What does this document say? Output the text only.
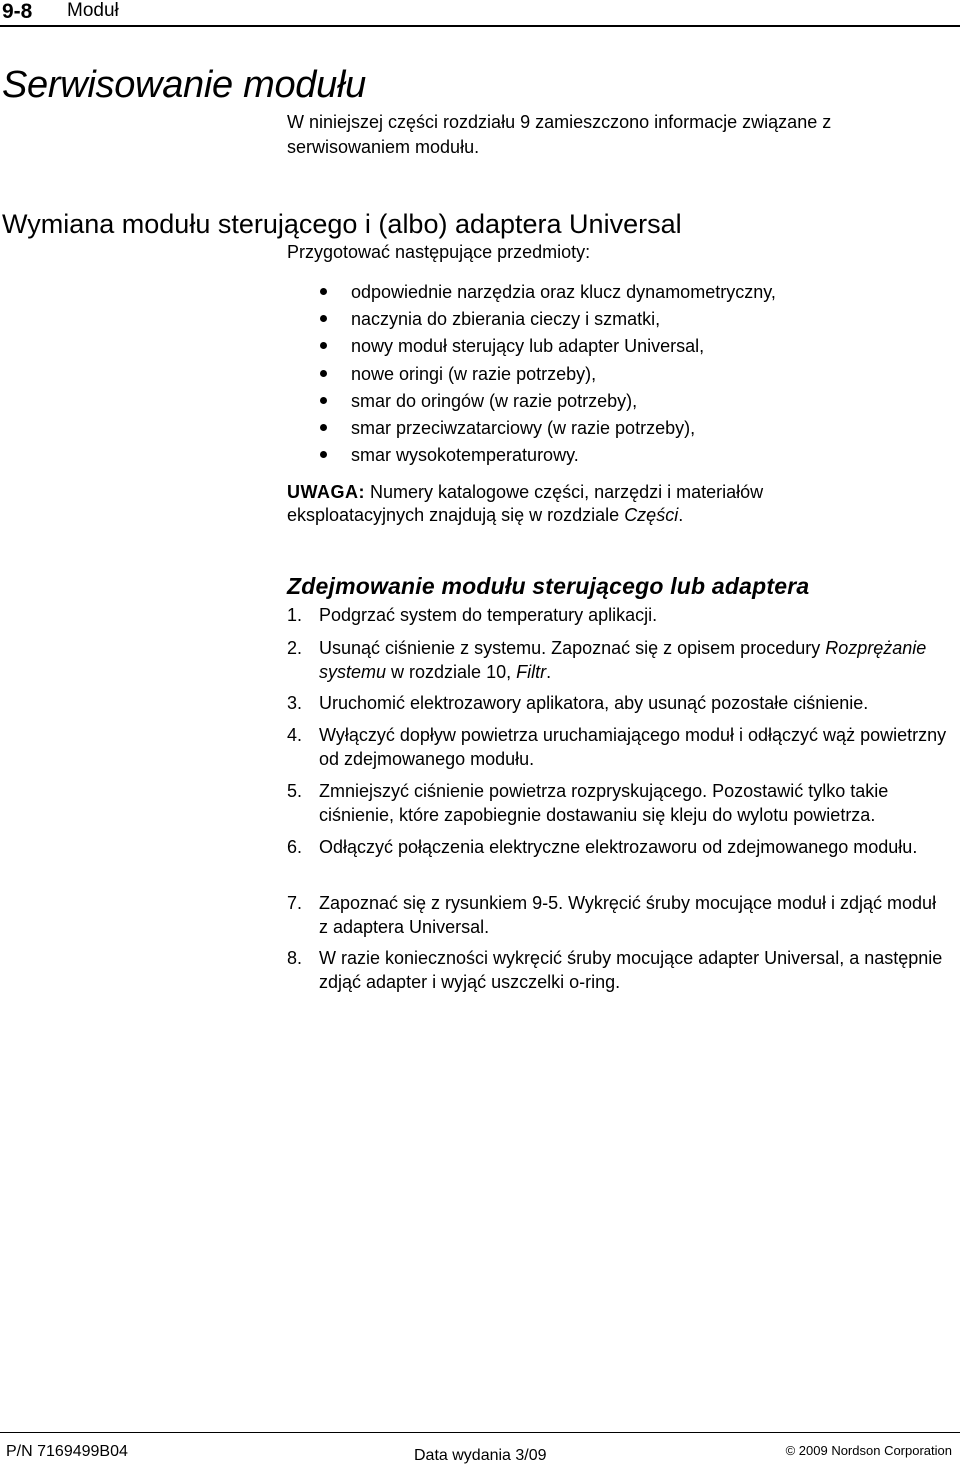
9-8 Moduł
Serwisowanie modułu

W niniejszej części rozdziału 9 zamieszczono informacje związane z serwisowaniem modułu.

Wymiana modułu sterującego i (albo) adaptera Universal

Przygotować następujące przedmioty:

odpowiednie narzędzia oraz klucz dynamometryczny,
naczynia do zbierania cieczy i szmatki,
nowy moduł sterujący lub adapter Universal,
nowe oringi (w razie potrzeby),
smar do oringów (w razie potrzeby),
smar przeciwzatarciowy (w razie potrzeby),
smar wysokotemperaturowy.

UWAGA: Numery katalogowe części, narzędzi i materiałów eksploatacyjnych znajdują się w rozdziale Części.

Zdejmowanie modułu sterującego lub adaptera
1. Podgrzać system do temperatury aplikacji.
2. Usunąć ciśnienie z systemu. Zapoznać się z opisem procedury Rozprężanie systemu w rozdziale 10, Filtr.
3. Uruchomić elektrozawory aplikatora, aby usunąć pozostałe ciśnienie.
4. Wyłączyć dopływ powietrza uruchamiającego moduł i odłączyć wąż powietrzny od zdejmowanego modułu.
5. Zmniejszyć ciśnienie powietrza rozpryskującego. Pozostawić tylko takie ciśnienie, które zapobiegnie dostawaniu się kleju do wylotu powietrza.
6. Odłączyć połączenia elektryczne elektrozaworu od zdejmowanego modułu.
7. Zapoznać się z rysunkiem 9-5. Wykręcić śruby mocujące moduł i zdjąć moduł z adaptera Universal.
8. W razie konieczności wykręcić śruby mocujące adapter Universal, a następnie zdjąć adapter i wyjąć uszczelki o-ring.
P/N 7169499B04	Data wydania 3/09	© 2009 Nordson Corporation
